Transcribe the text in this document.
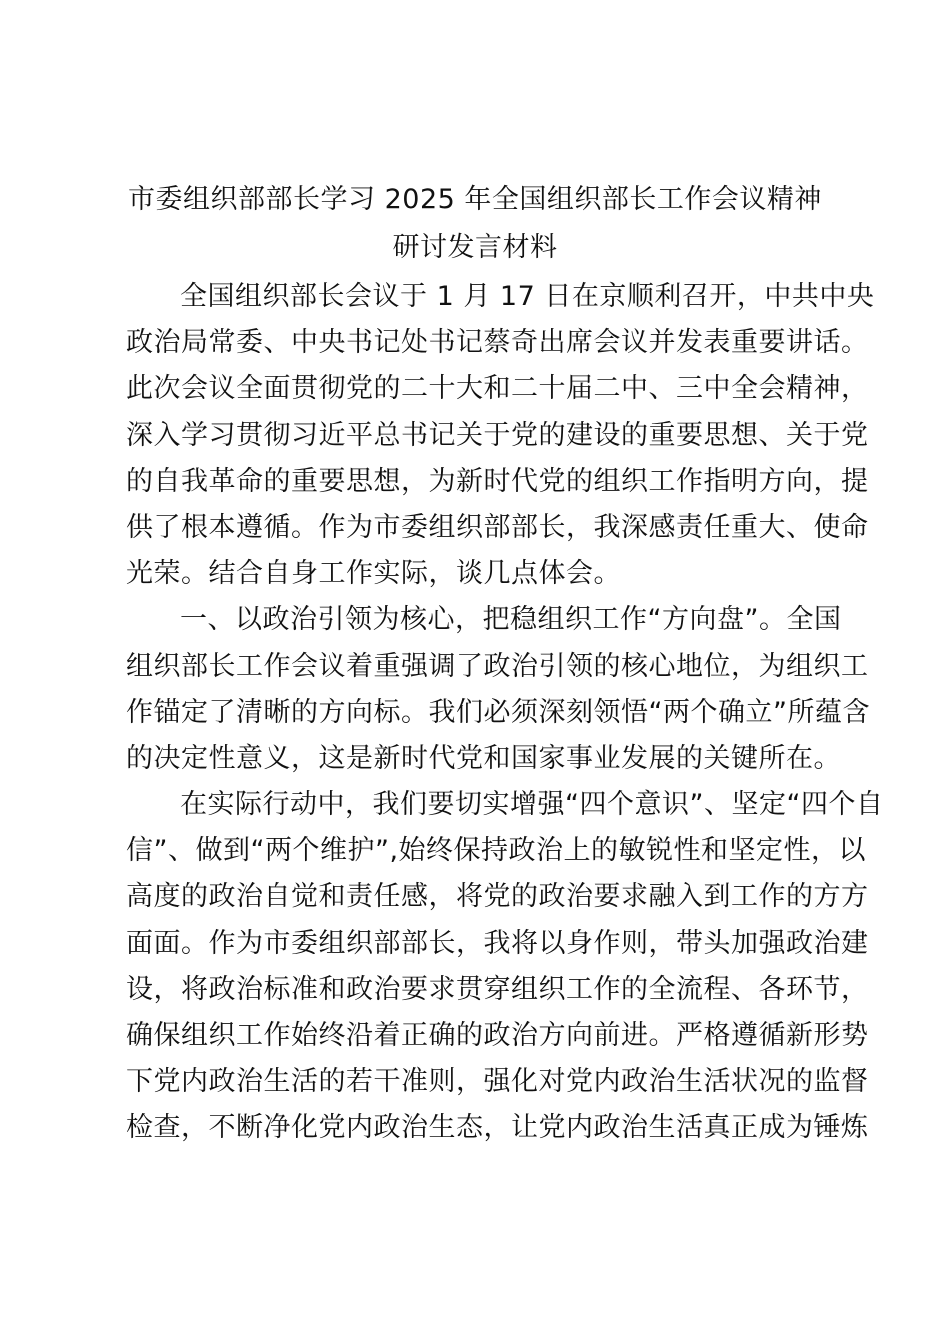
市委组织部部长学习 2025 年全国组织部长工作会议精神
研讨发言材料
全国组织部长会议于 1 月 17 日在京顺利召开，中共中央
政治局常委、中央书记处书记蔡奇出席会议并发表重要讲话。
此次会议全面贯彻党的二十大和二十届二中、三中全会精神，
深入学习贯彻习近平总书记关于党的建设的重要思想、关于党
的自我革命的重要思想，为新时代党的组织工作指明方向，提
供了根本遵循。作为市委组织部部长，我深感责任重大、使命
光荣。结合自身工作实际，谈几点体会。
一、以政治引领为核心，把稳组织工作“方向盘”。全国
组织部长工作会议着重强调了政治引领的核心地位，为组织工
作锚定了清晰的方向标。我们必须深刻领悟“两个确立”所蕴含
的决定性意义，这是新时代党和国家事业发展的关键所在。
在实际行动中，我们要切实增强“四个意识”、坚定“四个自
信”、做到“两个维护”,始终保持政治上的敏锐性和坚定性，以
高度的政治自觉和责任感，将党的政治要求融入到工作的方方
面面。作为市委组织部部长，我将以身作则，带头加强政治建
设，将政治标准和政治要求贯穿组织工作的全流程、各环节，
确保组织工作始终沿着正确的政治方向前进。严格遵循新形势
下党内政治生活的若干准则，强化对党内政治生活状况的监督
检查，不断净化党内政治生态，让党内政治生活真正成为锤炼
